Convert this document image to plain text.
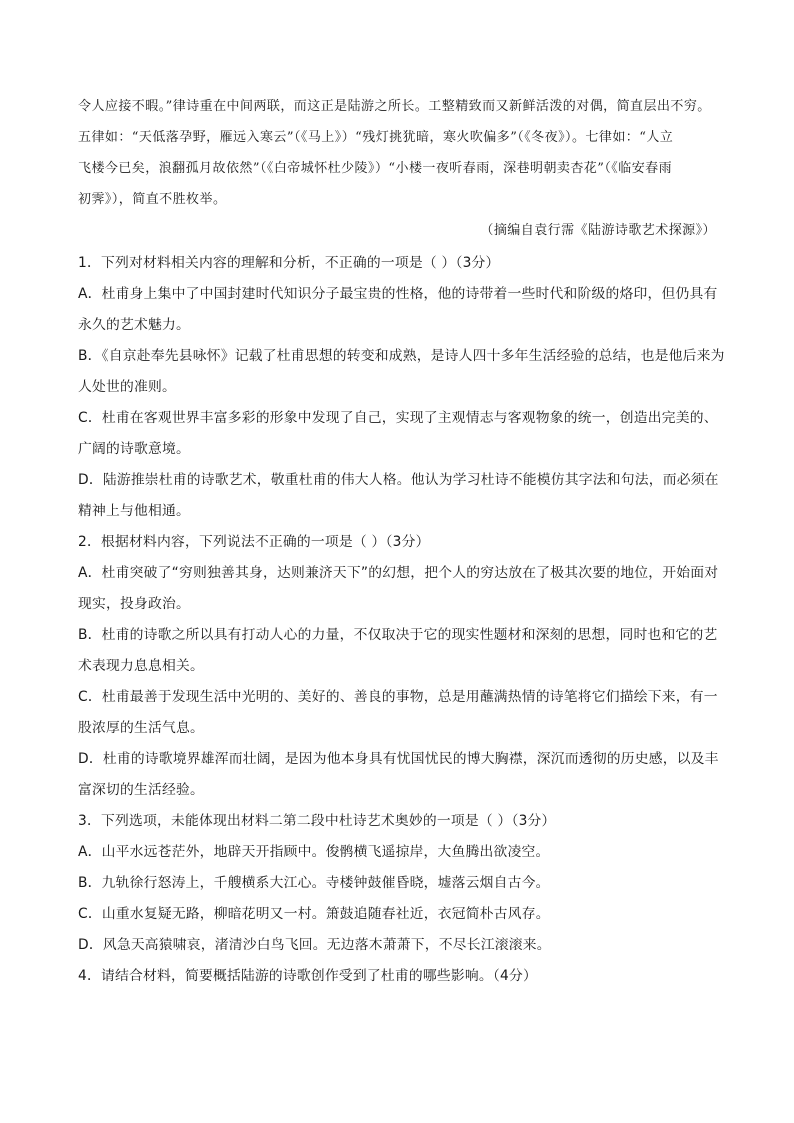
令人应接不暇。”律诗重在中间两联，而这正是陆游之所长。工整精致而又新鲜活泼的对偶，简直层出不穷。
五律如：“天低落孕野，雁远入寒云”（《马上》）“残灯挑犹暗，寒火吹偏多”（《冬夜》）。七律如：“人立
飞楼今已矣，浪翻孤月故依然”（《白帝城怀杜少陵》）“小楼一夜听春雨，深巷明朝卖杏花”（《临安春雨
初霁》），简直不胜枚举。
（摘编自袁行霈《陆游诗歌艺术探源》）
1．下列对材料相关内容的理解和分析，不正确的一项是（ ）（3分）
A．杜甫身上集中了中国封建时代知识分子最宝贵的性格，他的诗带着一些时代和阶级的烙印，但仍具有
永久的艺术魅力。
B．《自京赴奉先县咏怀》记载了杜甫思想的转变和成熟，是诗人四十多年生活经验的总结，也是他后来为
人处世的准则。
C．杜甫在客观世界丰富多彩的形象中发现了自己，实现了主观情志与客观物象的统一，创造出完美的、
广阔的诗歌意境。
D．陆游推崇杜甫的诗歌艺术，敬重杜甫的伟大人格。他认为学习杜诗不能模仿其字法和句法，而必须在
精神上与他相通。
2．根据材料内容，下列说法不正确的一项是（ ）（3分）
A．杜甫突破了“穷则独善其身，达则兼济天下”的幻想，把个人的穷达放在了极其次要的地位，开始面对
现实，投身政治。
B．杜甫的诗歌之所以具有打动人心的力量，不仅取决于它的现实性题材和深刻的思想，同时也和它的艺
术表现力息息相关。
C．杜甫最善于发现生活中光明的、美好的、善良的事物，总是用蘸满热情的诗笔将它们描绘下来，有一
股浓厚的生活气息。
D．杜甫的诗歌境界雄浑而壮阔，是因为他本身具有忧国忧民的博大胸襟，深沉而透彻的历史感，以及丰
富深切的生活经验。
3．下列选项，未能体现出材料二第二段中杜诗艺术奥妙的一项是（ ）（3分）
A．山平水远苍茫外，地辟天开指顾中。俊鹘横飞遥掠岸，大鱼腾出欲凌空。
B．九轨徐行怒涛上，千艘横系大江心。寺楼钟鼓催昏晓，墟落云烟自古今。
C．山重水复疑无路，柳暗花明又一村。箫鼓追随春社近，衣冠简朴古风存。
D．风急天高猿啸哀，渚清沙白鸟飞回。无边落木萧萧下，不尽长江滚滚来。
4．请结合材料，简要概括陆游的诗歌创作受到了杜甫的哪些影响。（4分）
